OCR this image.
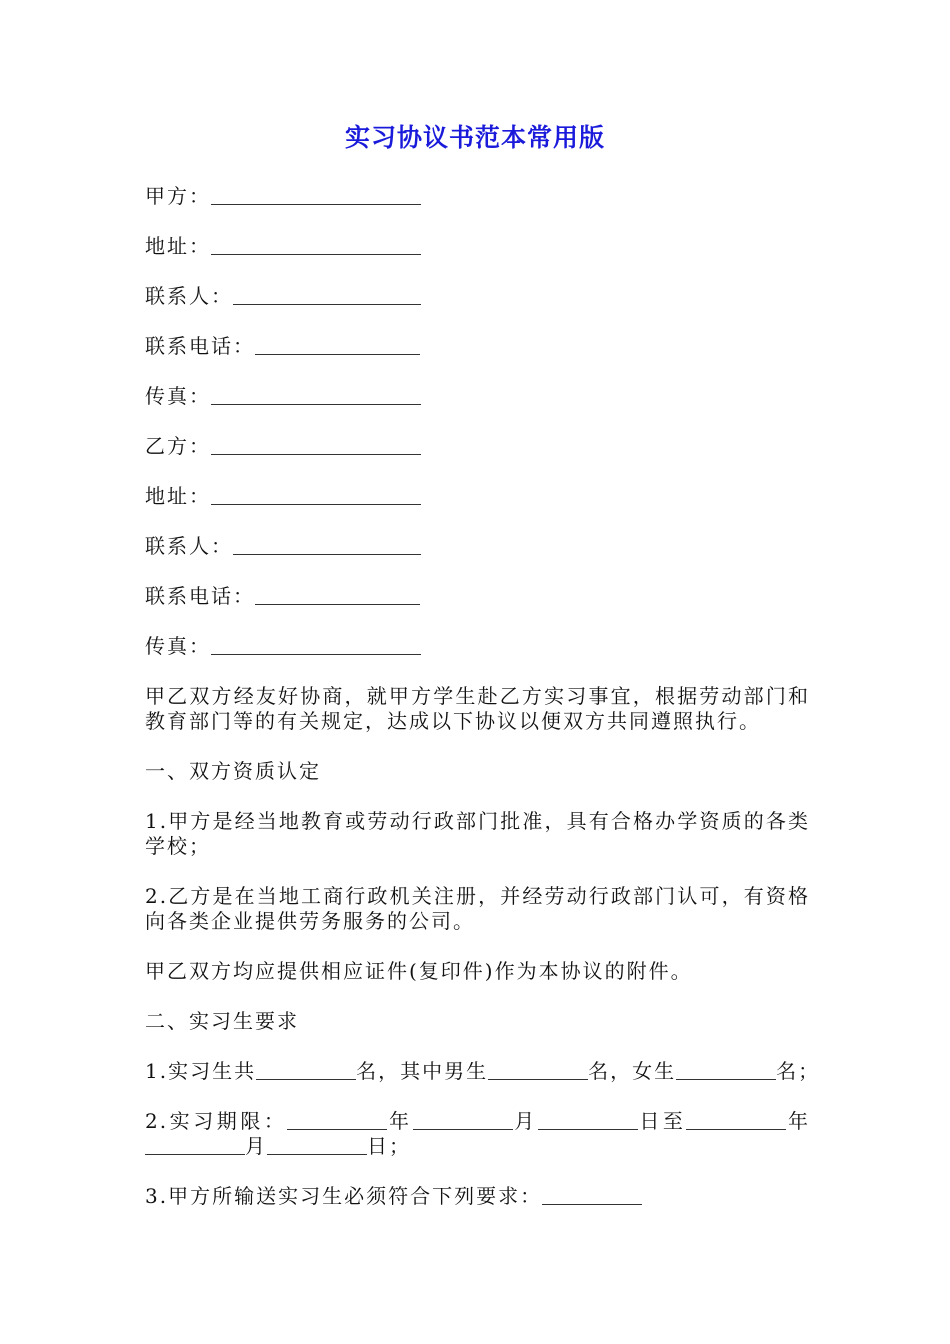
实习协议书范本常用版
甲方：
地址：
联系人：
联系电话：
传真：
乙方：
地址：
联系人：
联系电话：
传真：

甲乙双方经友好协商，就甲方学生赴乙方实习事宜，根据劳动部门和教育部门等的有关规定，达成以下协议以便双方共同遵照执行。

一、双方资质认定

1.甲方是经当地教育或劳动行政部门批准，具有合格办学资质的各类学校；

2.乙方是在当地工商行政机关注册，并经劳动行政部门认可，有资格向各类企业提供劳务服务的公司。

甲乙双方均应提供相应证件(复印件)作为本协议的附件。

二、实习生要求

1.实习生共	名，其中男生	名，女生	名；

2.实习期限：	年	月	日至	年月	日；

3.甲方所输送实习生必须符合下列要求：
